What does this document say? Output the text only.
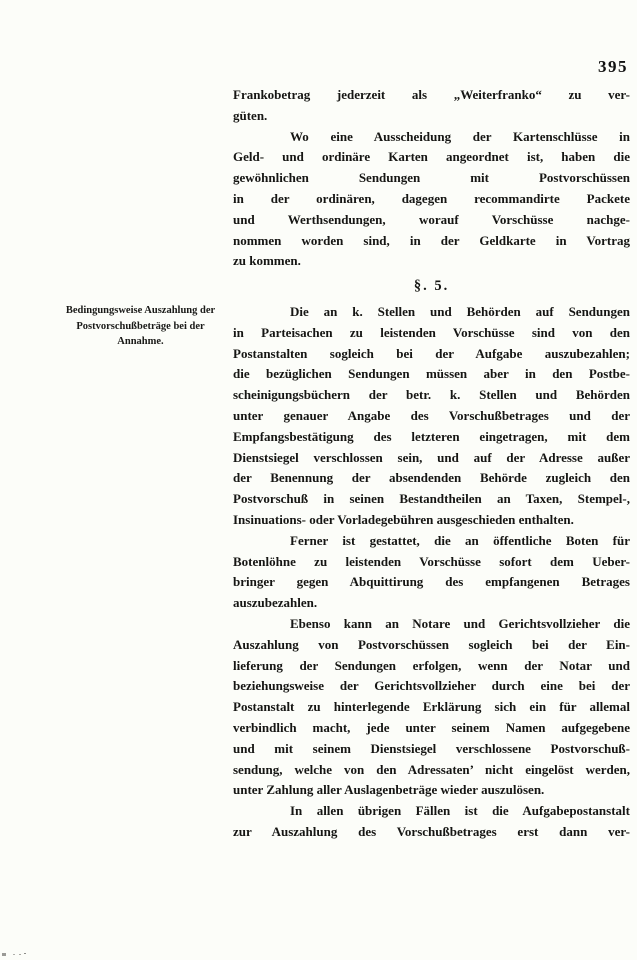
395
Bedingungsweise Auszahlung der
Postvorschußbeträge bei der
Annahme.
Frankobetrag jederzeit als „Weiterfranko“ zu ver-
güten.
Wo eine Ausscheidung der Kartenschlüsse in
Geld- und ordinäre Karten angeordnet ist, haben die
gewöhnlichen Sendungen mit Postvorschüssen
in der ordinären, dagegen recommandirte Packete
und Werthsendungen, worauf Vorschüsse nachge-
nommen worden sind, in der Geldkarte in Vortrag
zu kommen.
§. 5.
Die an k. Stellen und Behörden auf Sendungen
in Parteisachen zu leistenden Vorschüsse sind von den
Postanstalten sogleich bei der Aufgabe auszubezahlen;
die bezüglichen Sendungen müssen aber in den Postbe-
scheinigungsbüchern der betr. k. Stellen und Behörden
unter genauer Angabe des Vorschußbetrages und der
Empfangsbestätigung des letzteren eingetragen, mit dem
Dienstsiegel verschlossen sein, und auf der Adresse außer
der Benennung der absendenden Behörde zugleich den
Postvorschuß in seinen Bestandtheilen an Taxen, Stempel-,
Insinuations- oder Vorladegebühren ausgeschieden enthalten.
Ferner ist gestattet, die an öffentliche Boten für
Botenlöhne zu leistenden Vorschüsse sofort dem Ueber-
bringer gegen Abquittirung des empfangenen Betrages
auszubezahlen.
Ebenso kann an Notare und Gerichtsvollzieher die
Auszahlung von Postvorschüssen sogleich bei der Ein-
lieferung der Sendungen erfolgen, wenn der Notar und
beziehungsweise der Gerichtsvollzieher durch eine bei der
Postanstalt zu hinterlegende Erklärung sich ein für allemal
verbindlich macht, jede unter seinem Namen aufgegebene
und mit seinem Dienstsiegel verschlossene Postvorschuß-
sendung, welche von den Adressaten’ nicht eingelöst werden,
unter Zahlung aller Auslagenbeträge wieder auszulösen.
In allen übrigen Fällen ist die Aufgabepostanstalt
zur Auszahlung des Vorschußbetrages erst dann ver-
